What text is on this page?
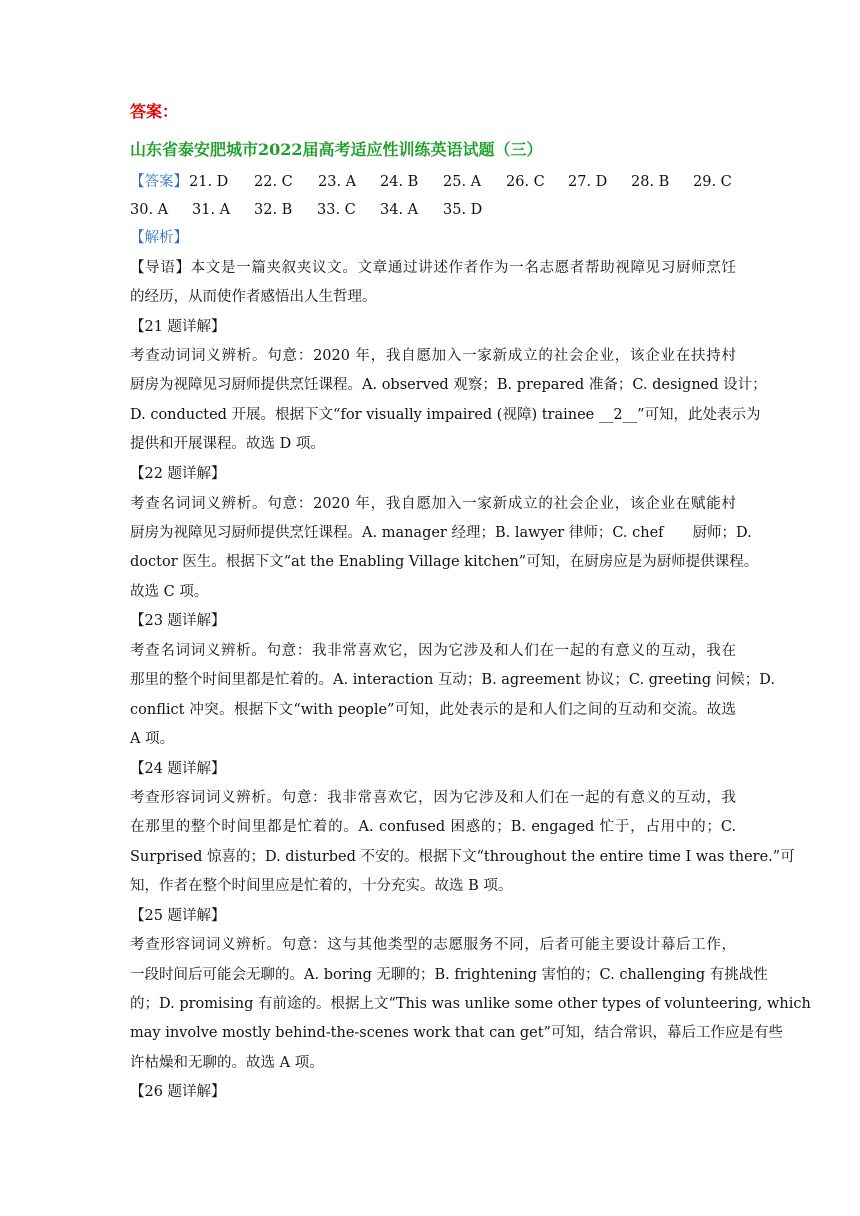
答案：
山东省泰安肥城市2022届高考适应性训练英语试题（三）
【答案】 21. D 22. C 23. A 24. B 25. A 26. C 27. D 28. B 29. C
30. A 31. A 32. B 33. C 34. A 35. D
【解析】
【导语】本文是一篇夹叙夹议文。文章通过讲述作者作为一名志愿者帮助视障见习厨师烹饪
的经历，从而使作者感悟出人生哲理。
【21 题详解】
考查动词词义辨析。句意：2020 年，我自愿加入一家新成立的社会企业，该企业在扶持村
厨房为视障见习厨师提供烹饪课程。A. observed 观察；B. prepared 准备；C. designed 设计；
D. conducted 开展。根据下文“for visually impaired (视障) trainee __2__”可知，此处表示为
提供和开展课程。故选 D 项。
【22 题详解】
考查名词词义辨析。句意：2020 年，我自愿加入一家新成立的社会企业，该企业在赋能村
厨房为视障见习厨师提供烹饪课程。A. manager 经理；B. lawyer 律师；C. chef　　厨师；D.
doctor 医生。根据下文“at the Enabling Village kitchen”可知，在厨房应是为厨师提供课程。
故选 C 项。
【23 题详解】
考查名词词义辨析。句意：我非常喜欢它，因为它涉及和人们在一起的有意义的互动，我在
那里的整个时间里都是忙着的。A. interaction 互动；B. agreement 协议；C. greeting 问候；D.
conflict 冲突。根据下文“with people”可知，此处表示的是和人们之间的互动和交流。故选
A 项。
【24 题详解】
考查形容词词义辨析。句意：我非常喜欢它，因为它涉及和人们在一起的有意义的互动，我
在那里的整个时间里都是忙着的。A. confused 困惑的；B. engaged 忙于，占用中的；C.
Surprised 惊喜的；D. disturbed 不安的。根据下文“throughout the entire time I was there.”可
知，作者在整个时间里应是忙着的，十分充实。故选 B 项。
【25 题详解】
考查形容词词义辨析。句意：这与其他类型的志愿服务不同，后者可能主要设计幕后工作，
一段时间后可能会无聊的。A. boring 无聊的；B. frightening 害怕的；C. challenging 有挑战性
的；D. promising 有前途的。根据上文“This was unlike some other types of volunteering, which
may involve mostly behind-the-scenes work that can get”可知，结合常识，幕后工作应是有些
许枯燥和无聊的。故选 A 项。
【26 题详解】
